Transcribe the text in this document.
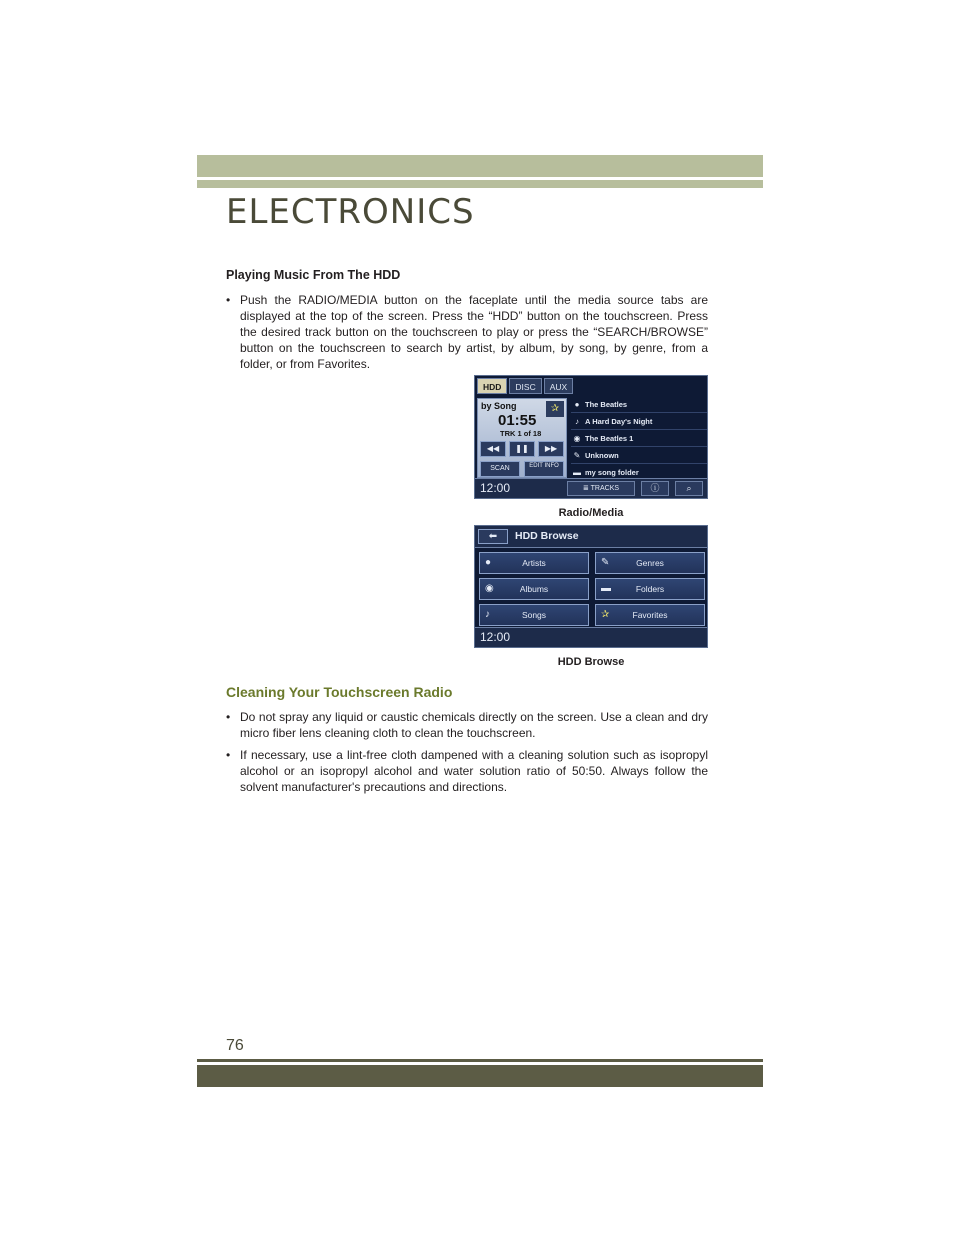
ELECTRONICS
Playing Music From The HDD
• Push the RADIO/MEDIA button on the faceplate until the media source tabs are displayed at the top of the screen. Press the “HDD” button on the touchscreen. Press the desired track button on the touchscreen to play or press the “SEARCH/BROWSE” button on the touchscreen to search by artist, by album, by song, by genre, from a folder, or from Favorites.
HDD	DISC	AUX
by Song	✰
01:55
TRK 1 of 18
◀◀	❚❚	▶▶
SCAN	EDIT INFO
● The Beatles
♪ A Hard Day's Night
◉ The Beatles 1
✎ Unknown
▬ my song folder
12:00	≣ TRACKS	ⓘ	⌕
Radio/Media
⬅	HDD Browse
●	Artists	✎	Genres
◉	Albums	▬	Folders
♪	Songs	✰	Favorites
12:00
HDD Browse
Cleaning Your Touchscreen Radio
• Do not spray any liquid or caustic chemicals directly on the screen. Use a clean and dry micro fiber lens cleaning cloth to clean the touchscreen.
• If necessary, use a lint-free cloth dampened with a cleaning solution such as isopropyl alcohol or an isopropyl alcohol and water solution ratio of 50:50. Always follow the solvent manufacturer's precautions and directions.
76
